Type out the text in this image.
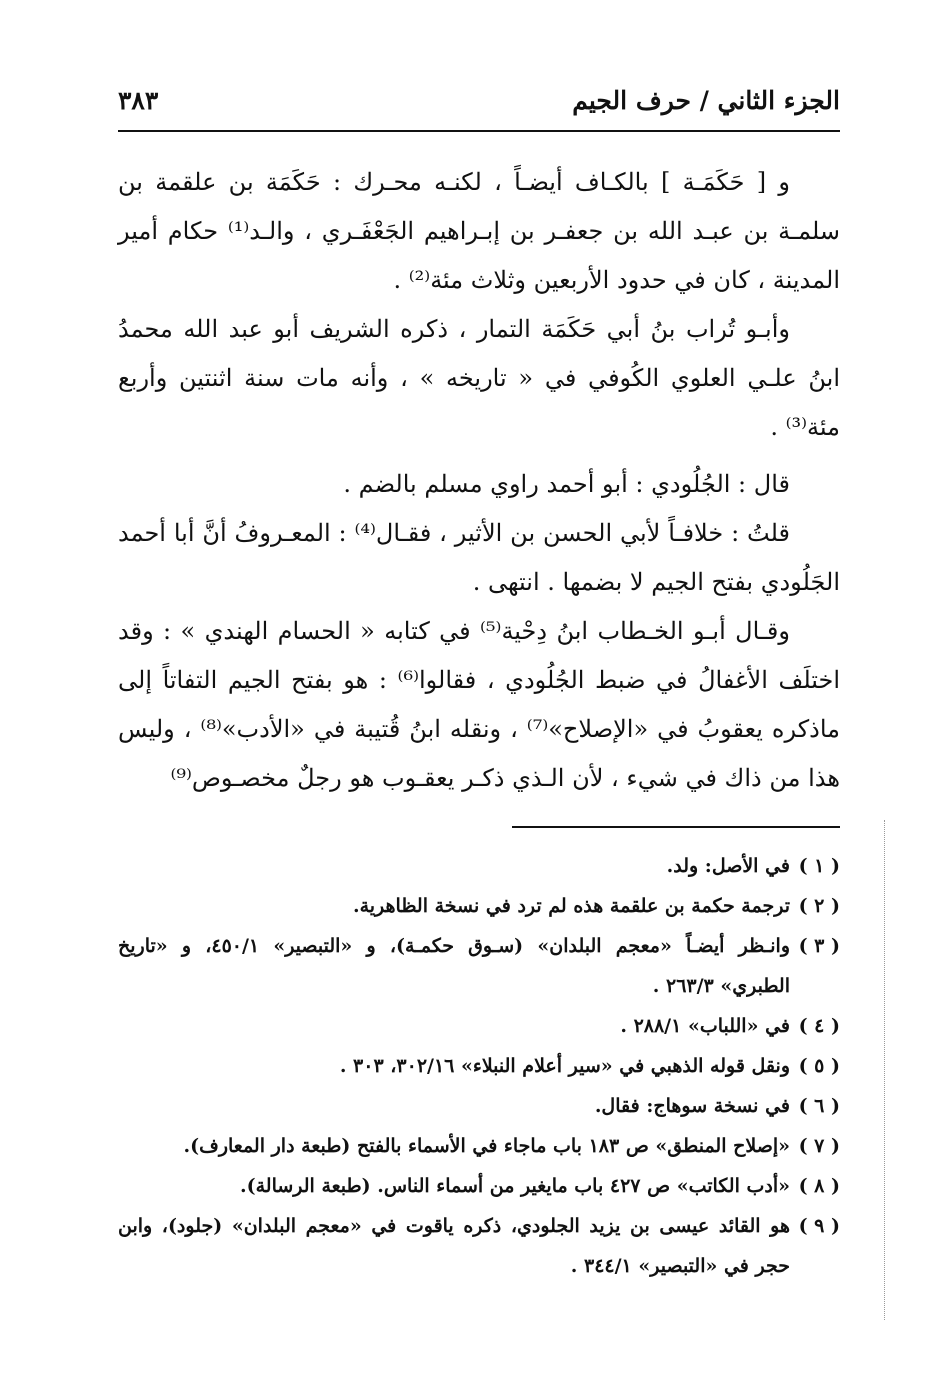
الجزء الثاني / حرف الجيم
٣٨٣

و [ حَكَمَـة ] بالكـاف أيضـاً ، لكنـه محـرك : حَكَمَة بن علقمة بن سلمـة بن عبـد الله بن جعفـر بن إبـراهيم الجَعْفَـري ، والـد⁽¹⁾ حكام أمير المدينة ، كان في حدود الأربعين وثلاث مئة⁽²⁾ .

وأبـو تُراب بنُ أبي حَكَمَة التمار ، ذكره الشريف أبو عبد الله محمدُ ابنُ علـي العلوي الكُوفي في « تاريخه » ، وأنه مات سنة اثنتين وأربع مئة⁽³⁾ .

قال : الجُلُودي : أبو أحمد راوي مسلم بالضم .

قلتُ : خلافـاً لأبي الحسن بن الأثير ، فقـال⁽⁴⁾ : المعـروفُ أنَّ أبا أحمد الجَلُودي بفتح الجيم لا بضمها . انتهى .

وقـال أبـو الخـطاب ابنُ دِحْية⁽⁵⁾ في كتابه « الحسام الهندي » : وقد اختلَف الأغفالُ في ضبط الجُلُودي ، فقالوا⁽⁶⁾ : هو بفتح الجيم التفاتاً إلى ماذكره يعقوبُ في «الإصلاح»⁽⁷⁾ ، ونقله ابنُ قُتيبة في «الأدب»⁽⁸⁾ ، وليس هذا من ذاك في شيء ، لأن الـذي ذكـر يعقـوب هو رجلٌ مخصـوص⁽⁹⁾

( ١ )
في الأصل: ولد.
( ٢ )
ترجمة حكمة بن علقمة هذه لم ترد في نسخة الظاهرية.
( ٣ )
وانـظر أيضـاً «معجم البلدان» (سـوق حكمـة)، و «التبصير» ٤٥٠/١، و «تاريخ الطبري» ٢٦٣/٣ .
( ٤ )
في «اللباب» ٢٨٨/١ .
( ٥ )
ونقل قوله الذهبي في «سير أعلام النبلاء» ٣٠٢/١٦، ٣٠٣ .
( ٦ )
في نسخة سوهاج: فقال.
( ٧ )
«إصلاح المنطق» ص ١٨٣ باب ماجاء في الأسماء بالفتح (طبعة دار المعارف).
( ٨ )
«أدب الكاتب» ص ٤٢٧ باب مايغير من أسماء الناس. (طبعة الرسالة).
( ٩ )
هو القائد عيسى بن يزيد الجلودي، ذكره ياقوت في «معجم البلدان» (جلود)، وابن حجر في «التبصير» ٣٤٤/١ .
